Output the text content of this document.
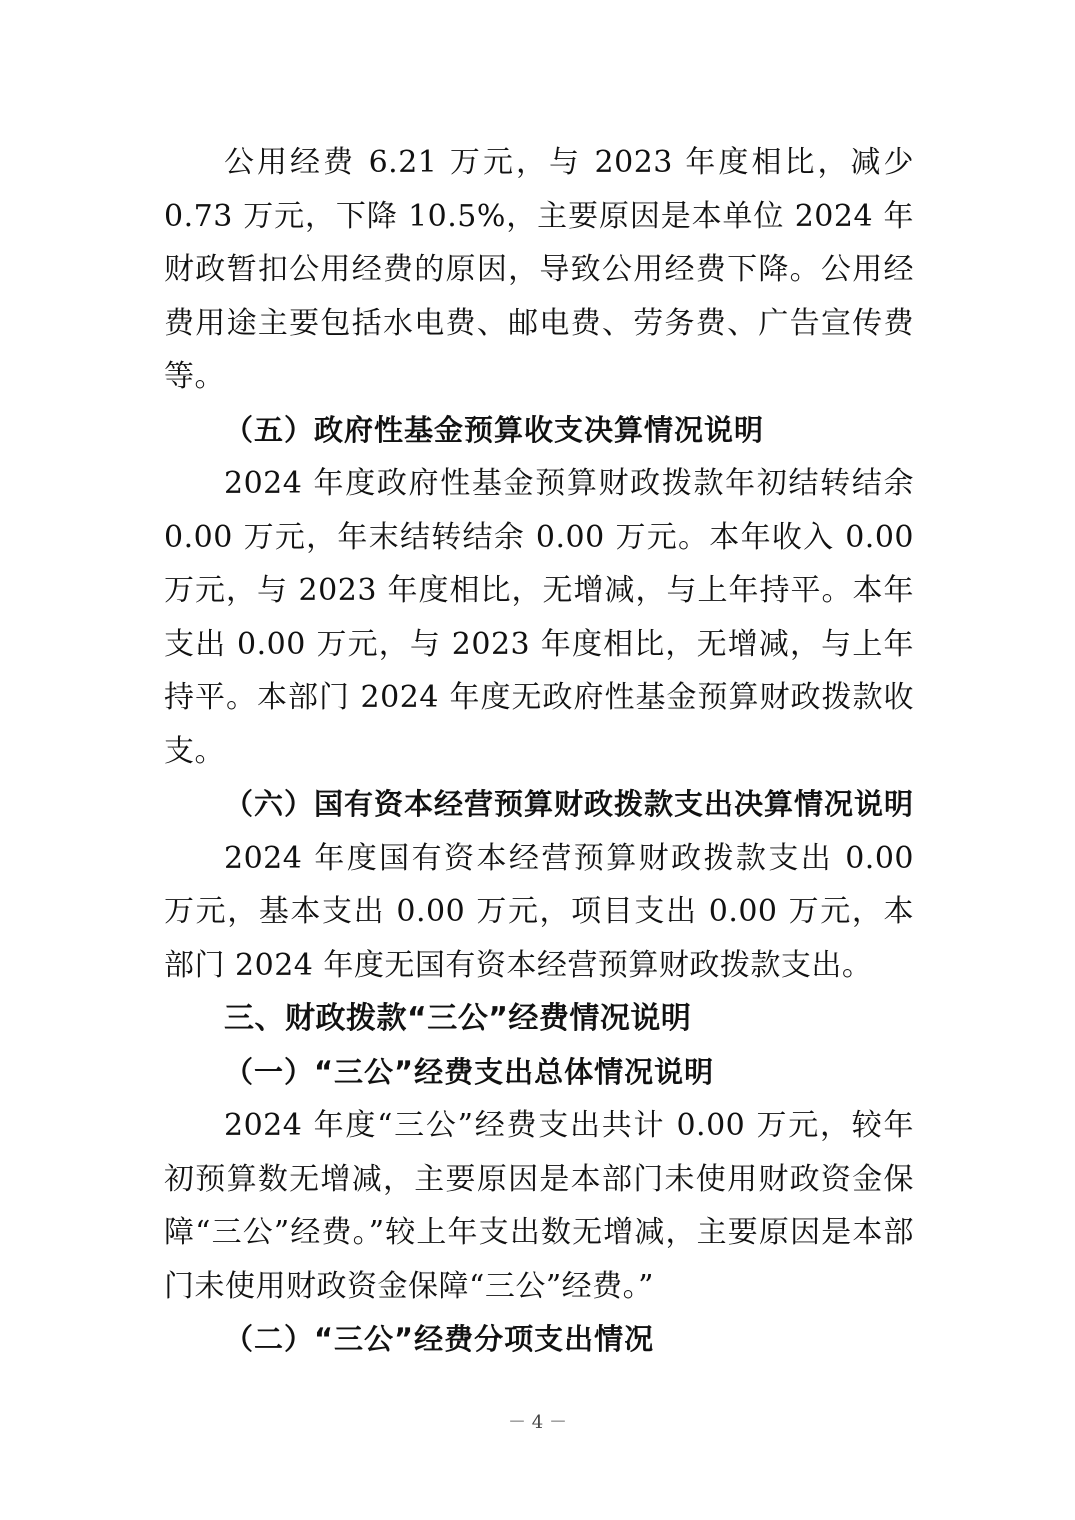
公用经费 6.21 万元，与 2023 年度相比，减少 0.73 万元，下降 10.5%，主要原因是本单位 2024 年财政暂扣公用经费的原因，导致公用经费下降。公用经费用途主要包括水电费、邮电费、劳务费、广告宣传费等。

（五）政府性基金预算收支决算情况说明

2024 年度政府性基金预算财政拨款年初结转结余 0.00 万元，年末结转结余 0.00 万元。本年收入 0.00 万元，与 2023 年度相比，无增减，与上年持平。本年支出 0.00 万元，与 2023 年度相比，无增减，与上年持平。本部门 2024 年度无政府性基金预算财政拨款收支。

（六）国有资本经营预算财政拨款支出决算情况说明

2024 年度国有资本经营预算财政拨款支出 0.00 万元，基本支出 0.00 万元，项目支出 0.00 万元，本部门 2024 年度无国有资本经营预算财政拨款支出。

三、财政拨款“三公”经费情况说明

（一）“三公”经费支出总体情况说明

2024 年度“三公”经费支出共计 0.00 万元，较年初预算数无增减，主要原因是本部门未使用财政资金保障“三公”经费。”较上年支出数无增减，主要原因是本部门未使用财政资金保障“三公”经费。”

（二）“三公”经费分项支出情况

－ 4 －
